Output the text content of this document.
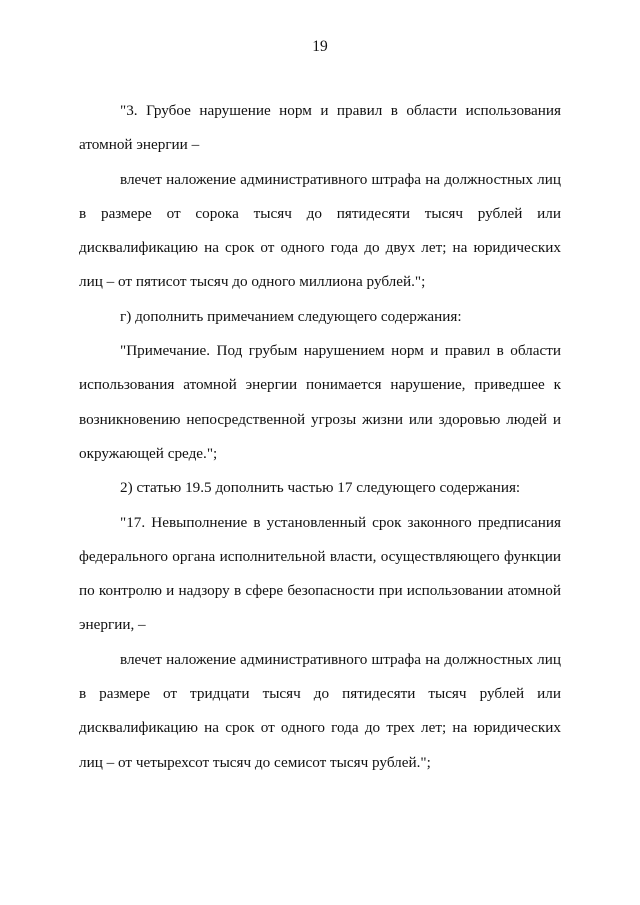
19

"3. Грубое нарушение норм и правил в области использования атомной энергии –

влечет наложение административного штрафа на должностных лиц в размере от сорока тысяч до пятидесяти тысяч рублей или дисквалификацию на срок от одного года до двух лет; на юридических лиц – от пятисот тысяч до одного миллиона рублей.";

г) дополнить примечанием следующего содержания:

"Примечание. Под грубым нарушением норм и правил в области использования атомной энергии понимается нарушение, приведшее к возникновению непосредственной угрозы жизни или здоровью людей и окружающей среде.";

2) статью 19.5 дополнить частью 17 следующего содержания:

"17. Невыполнение в установленный срок законного предписания федерального органа исполнительной власти, осуществляющего функции по контролю и надзору в сфере безопасности при использовании атомной энергии, –

влечет наложение административного штрафа на должностных лиц в размере от тридцати тысяч до пятидесяти тысяч рублей или дисквалификацию на срок от одного года до трех лет; на юридических лиц – от четырехсот тысяч до семисот тысяч рублей.";
